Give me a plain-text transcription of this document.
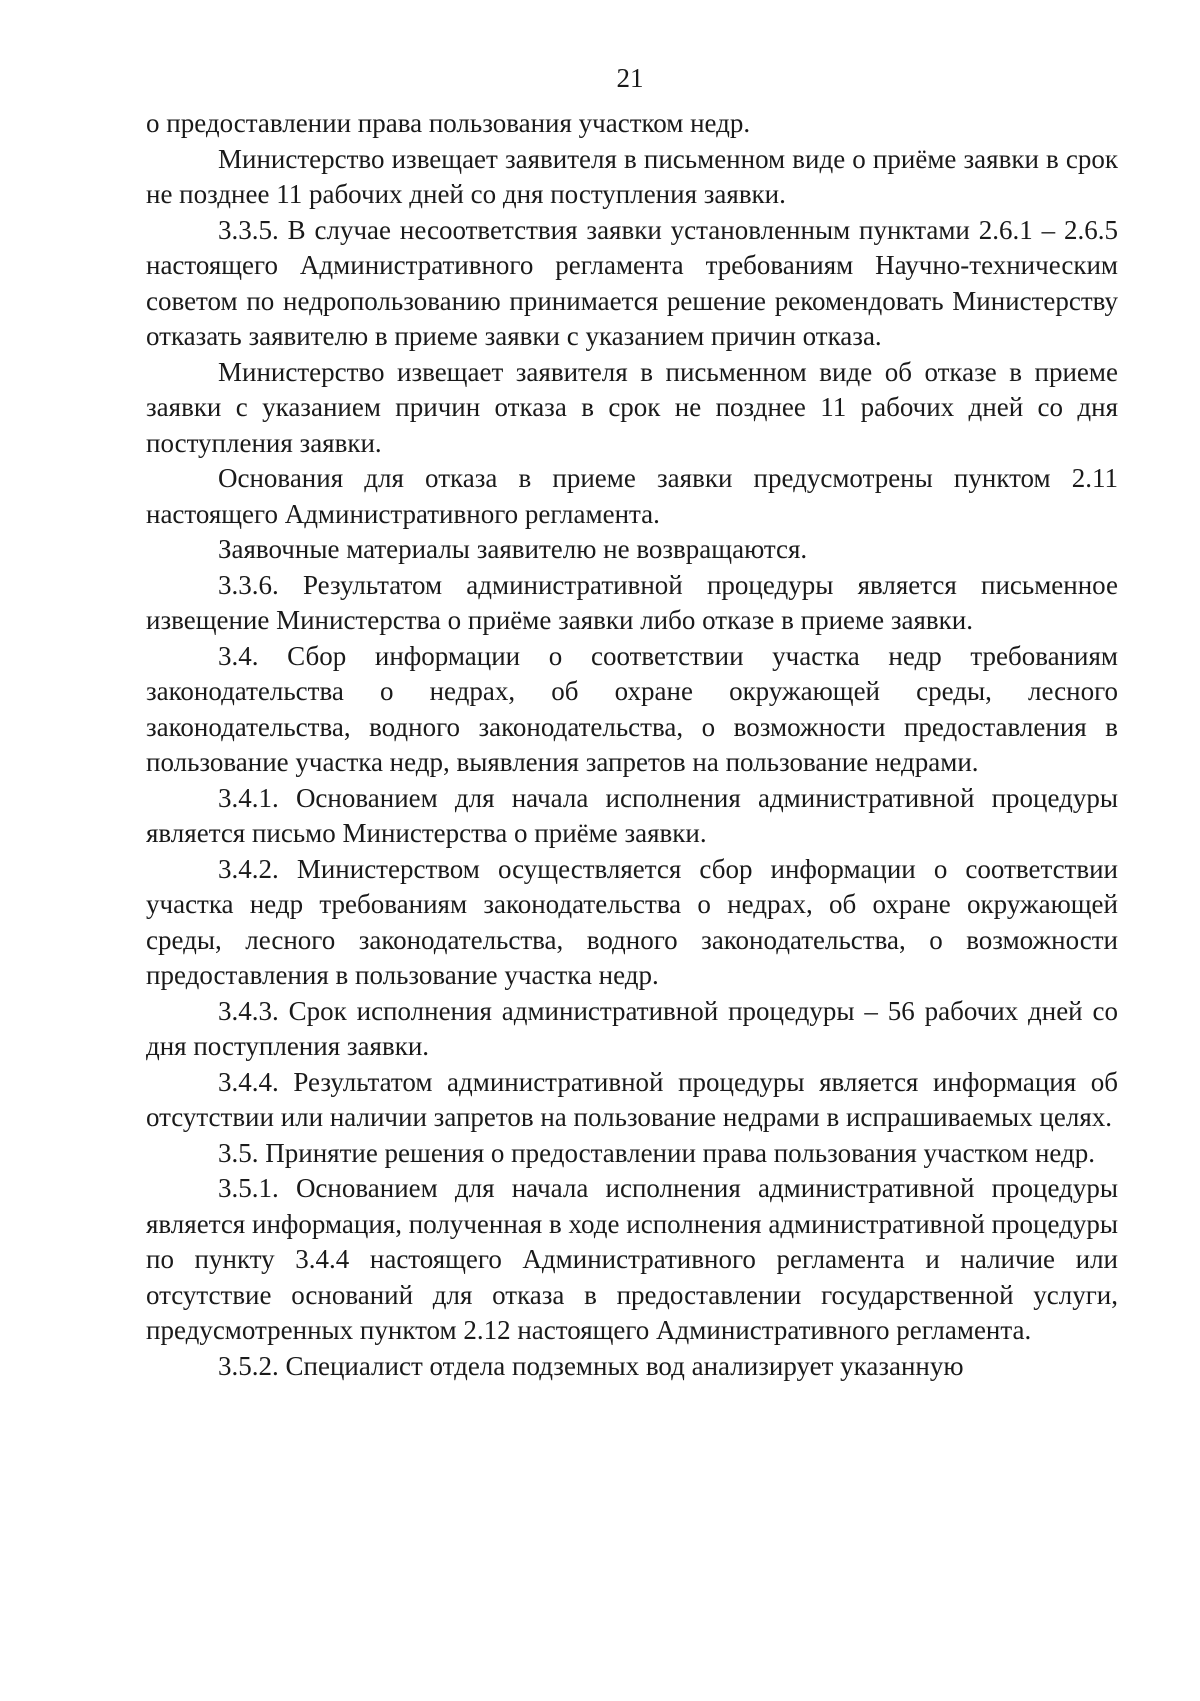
21

о предоставлении права пользования участком недр.

Министерство извещает заявителя в письменном виде о приёме заявки в срок не позднее 11 рабочих дней со дня поступления заявки.

3.3.5. В случае несоответствия заявки установленным пунктами 2.6.1 – 2.6.5 настоящего Административного регламента требованиям Научно-техническим советом по недропользованию принимается решение рекомендовать Министерству отказать заявителю в приеме заявки с указанием причин отказа.

Министерство извещает заявителя в письменном виде об отказе в приеме заявки с указанием причин отказа в срок не позднее 11 рабочих дней со дня поступления заявки.

Основания для отказа в приеме заявки предусмотрены пунктом 2.11 настоящего Административного регламента.

Заявочные материалы заявителю не возвращаются.

3.3.6. Результатом административной процедуры является письменное извещение Министерства о приёме заявки либо отказе в приеме заявки.

3.4. Сбор информации о соответствии участка недр требованиям законодательства о недрах, об охране окружающей среды, лесного законодательства, водного законодательства, о возможности предоставления в пользование участка недр, выявления запретов на пользование недрами.

3.4.1. Основанием для начала исполнения административной процедуры является письмо Министерства о приёме заявки.

3.4.2. Министерством осуществляется сбор информации о соответствии участка недр требованиям законодательства о недрах, об охране окружающей среды, лесного законодательства, водного законодательства, о возможности предоставления в пользование участка недр.

3.4.3. Срок исполнения административной процедуры – 56 рабочих дней со дня поступления заявки.

3.4.4. Результатом административной процедуры является информация об отсутствии или наличии запретов на пользование недрами в испрашиваемых целях.

3.5. Принятие решения о предоставлении права пользования участком недр.

3.5.1. Основанием для начала исполнения административной процедуры является информация, полученная в ходе исполнения административной процедуры по пункту 3.4.4 настоящего Административного регламента и наличие или отсутствие оснований для отказа в предоставлении государственной услуги, предусмотренных пунктом 2.12 настоящего Административного регламента.

3.5.2. Специалист отдела подземных вод анализирует указанную
